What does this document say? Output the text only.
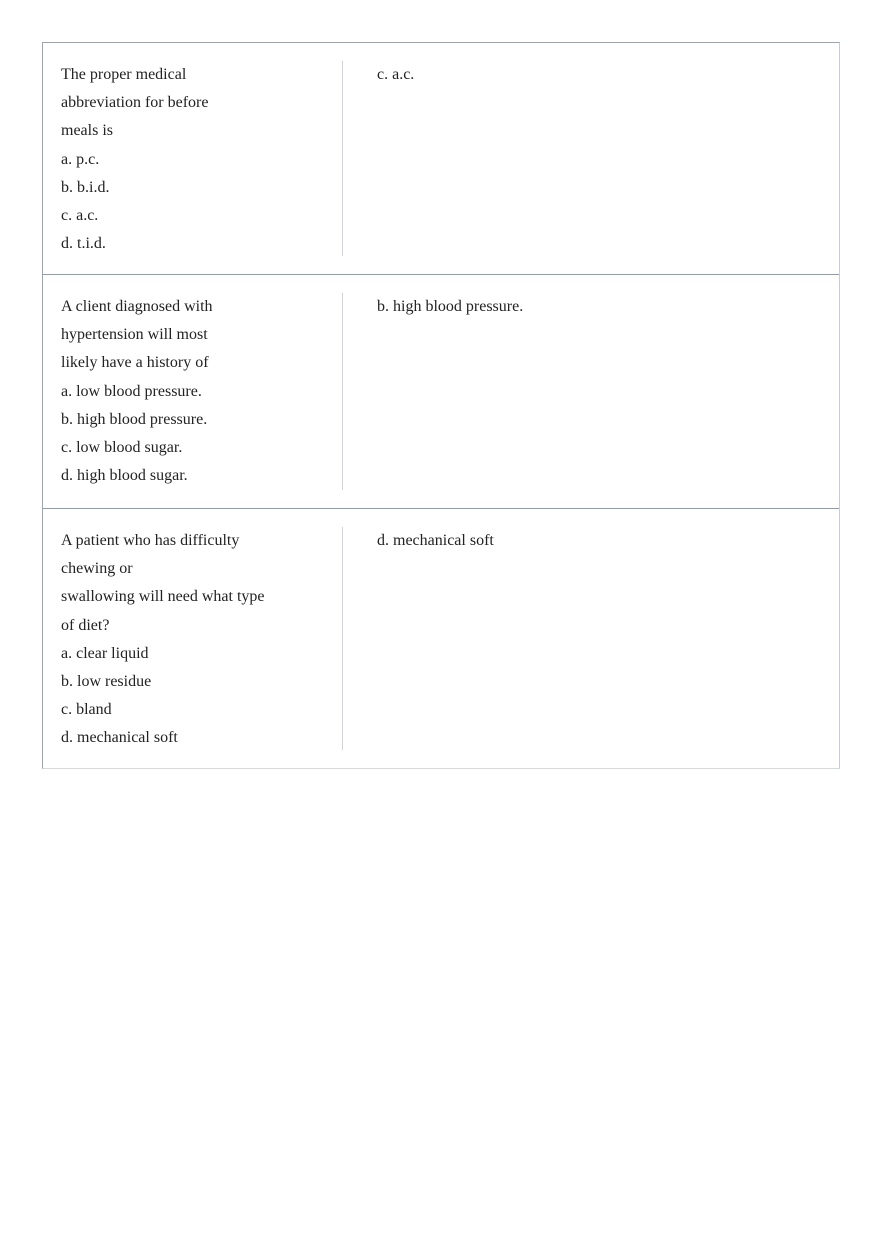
The proper medical
abbreviation for before
meals is
a. p.c.
b. b.i.d.
c. a.c.
d. t.i.d.
c. a.c.
A client diagnosed with
hypertension will most
likely have a history of
a. low blood pressure.
b. high blood pressure.
c. low blood sugar.
d. high blood sugar.
b. high blood pressure.
A patient who has difficulty
chewing or
swallowing will need what type
of diet?
a. clear liquid
b. low residue
c. bland
d. mechanical soft
d. mechanical soft
